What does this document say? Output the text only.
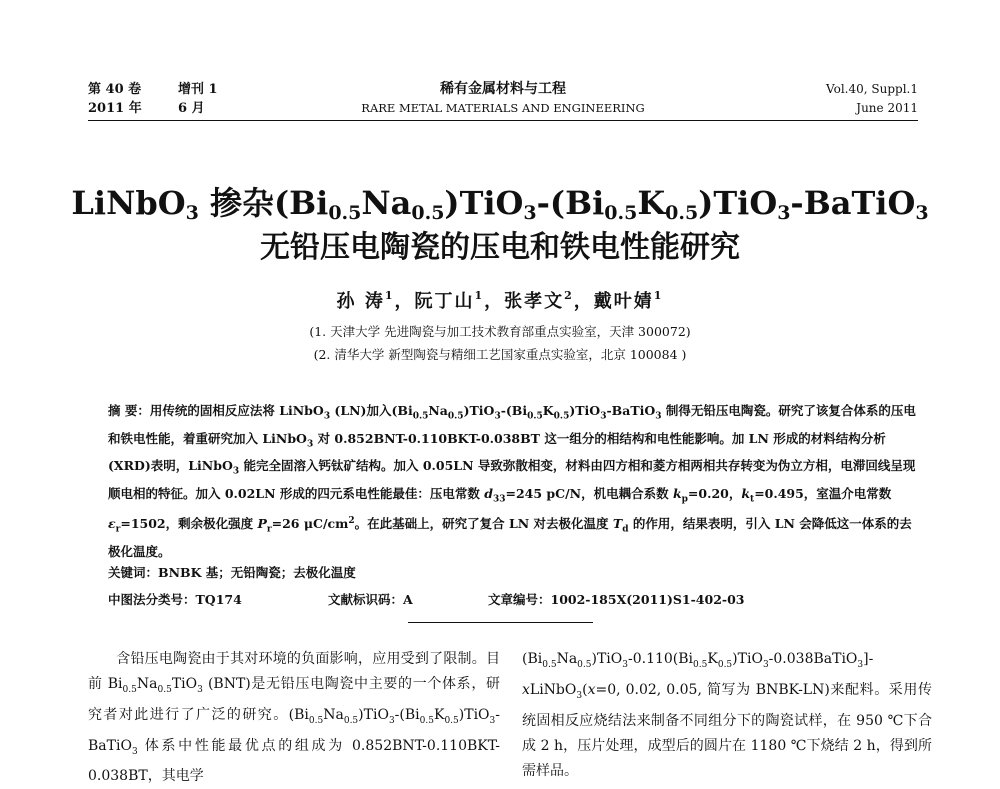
第 40 卷	增刊 1
2011 年	6 月
稀有金属材料与工程
RARE METAL MATERIALS AND ENGINEERING
Vol.40, Suppl.1
June 2011
LiNbO$_3$ 掺杂$(Bi_{0.5}Na_{0.5})TiO_3-(Bi_{0.5}K_{0.5})TiO_3-BaTiO_3$
无铅压电陶瓷的压电和铁电性能研究
孙 涛$^1$，阮丁山$^1$，张孝文$^2$，戴叶婧$^1$
(1. 天津大学 先进陶瓷与加工技术教育部重点实验室，天津 300072)
(2. 清华大学 新型陶瓷与精细工艺国家重点实验室，北京 100084 )

摘 要：用传统的固相反应法将 LiNbO$_3$ (LN)加入$(Bi_{0.5}Na_{0.5})TiO_3-(Bi_{0.5}K_{0.5})TiO_3-BaTiO_3$ 制得无铅压电陶瓷。研究了该复合体系的压电和铁电性能，着重研究加入 LiNbO$_3$ 对 0.852BNT-0.110BKT-0.038BT 这一组分的相结构和电性能影响。加 LN 形成的材料结构分析(XRD)表明，LiNbO$_3$ 能完全固溶入钙钛矿结构。加入 0.05LN 导致弥散相变，材料由四方相和菱方相两相共存转变为伪立方相，电滞回线呈现顺电相的特征。加入 0.02LN 形成的四元系电性能最佳：压电常数 $d_{33}=245$ pC/N，机电耦合系数 $k_p=0.20$，$k_t=0.495$，室温介电常数 $\varepsilon_r=1502$，剩余极化强度 $P_r=26$ $\mu C/cm^2$。在此基础上，研究了复合 LN 对去极化温度 $T_d$ 的作用，结果表明，引入 LN 会降低这一体系的去极化温度。

关键词：BNBK 基；无铅陶瓷；去极化温度
中图法分类号：TQ174	文献标识码：A	文章编号：1002-185X(2011)S1-402-03

  含铅压电陶瓷由于其对环境的负面影响，应用受到了限制。目前 $Bi_{0.5}Na_{0.5}TiO_3$ (BNT)是无铅压电陶瓷中主要的一个体系，研究者对此进行了广泛的研究。$(Bi_{0.5}Na_{0.5})TiO_3-(Bi_{0.5}K_{0.5})TiO_3-BaTiO_3$ 体系中性能最优点的组成为 0.852BNT-0.110BKT-0.038BT，其电学

$(Bi_{0.5}Na_{0.5})TiO_3-0.110(Bi_{0.5}K_{0.5})TiO_3-0.038BaTiO_3]-xLiNbO_3(x=0$, 0.02, 0.05, 简写为 BNBK-LN)来配料。采用传统固相反应烧结法来制备不同组分下的陶瓷试样，在 950 ℃下合成 2 h，压片处理，成型后的圆片在 1180 ℃下烧结 2 h，得到所需样品。
